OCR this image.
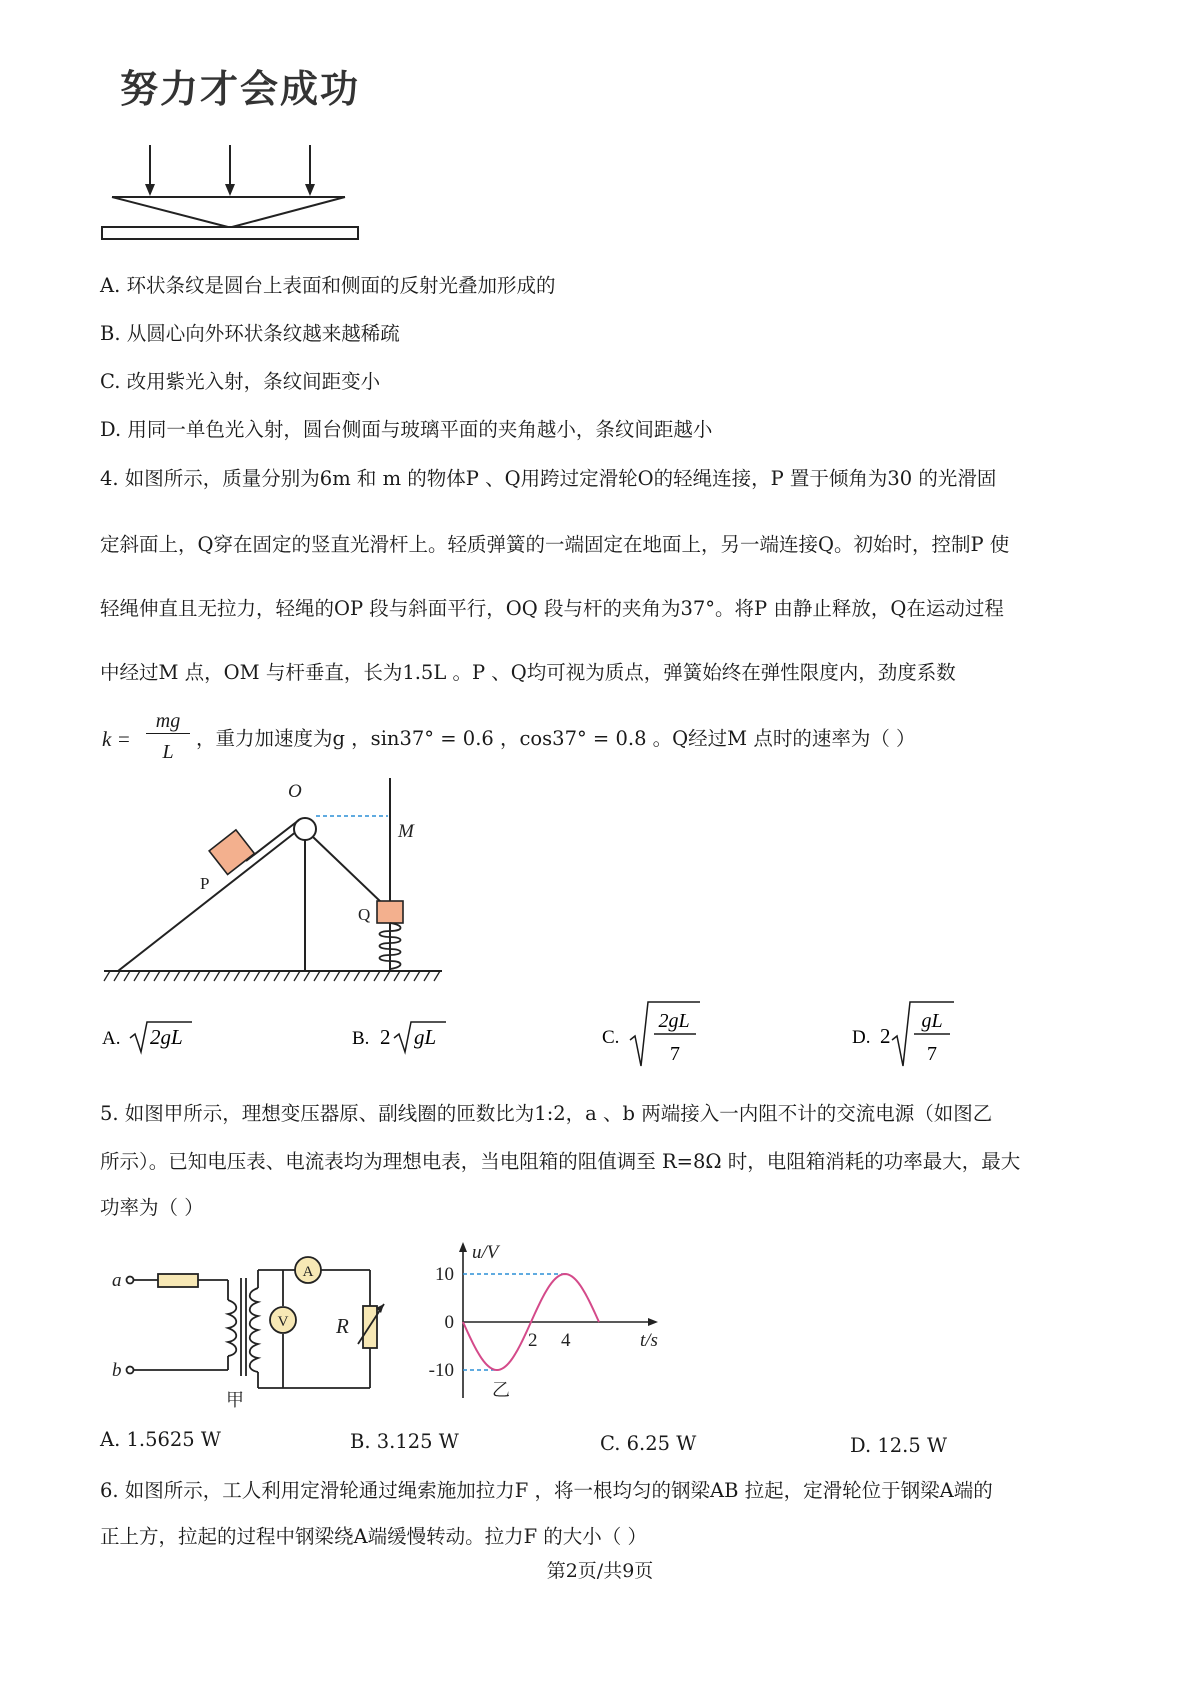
努力才会成功
A. 环状条纹是圆台上表面和侧面的反射光叠加形成的
B. 从圆心向外环状条纹越来越稀疏
C. 改用紫光入射，条纹间距变小
D. 用同一单色光入射，圆台侧面与玻璃平面的夹角越小，条纹间距越小
4. 如图所示，质量分别为6m 和 m 的物体P 、Q用跨过定滑轮O的轻绳连接，P 置于倾角为30 的光滑固
定斜面上，Q穿在固定的竖直光滑杆上。轻质弹簧的一端固定在地面上，另一端连接Q。初始时，控制P 使
轻绳伸直且无拉力，轻绳的OP 段与斜面平行，OQ 段与杆的夹角为37°。将P 由静止释放，Q在运动过程
中经过M 点，OM 与杆垂直，长为1.5L 。P 、Q均可视为质点，弹簧始终在弹性限度内，劲度系数
k =
mg
L
，重力加速度为g ，sin37° = 0.6 ，cos37° = 0.8 。Q经过M 点时的速率为（ ）
O
M
P
Q
A. 2gL	B. 2 gL	C.
2gL
7
D. 2
gL
7
5. 如图甲所示，理想变压器原、副线圈的匝数比为1:2，a 、b 两端接入一内阻不计的交流电源（如图乙
所示）。已知电压表、电流表均为理想电表，当电阻箱的阻值调至 R=8Ω 时，电阻箱消耗的功率最大，最大
功率为（ ）
a
b
A
V R
甲
u/V
t/s
10
0
-10
2 4
乙
A. 1.5625 W	B. 3.125 W	C. 6.25 W	D. 12.5 W
6. 如图所示，工人利用定滑轮通过绳索施加拉力F ，将一根均匀的钢梁AB 拉起，定滑轮位于钢梁A端的
正上方，拉起的过程中钢梁绕A端缓慢转动。拉力F 的大小（ ）
第2页/共9页
